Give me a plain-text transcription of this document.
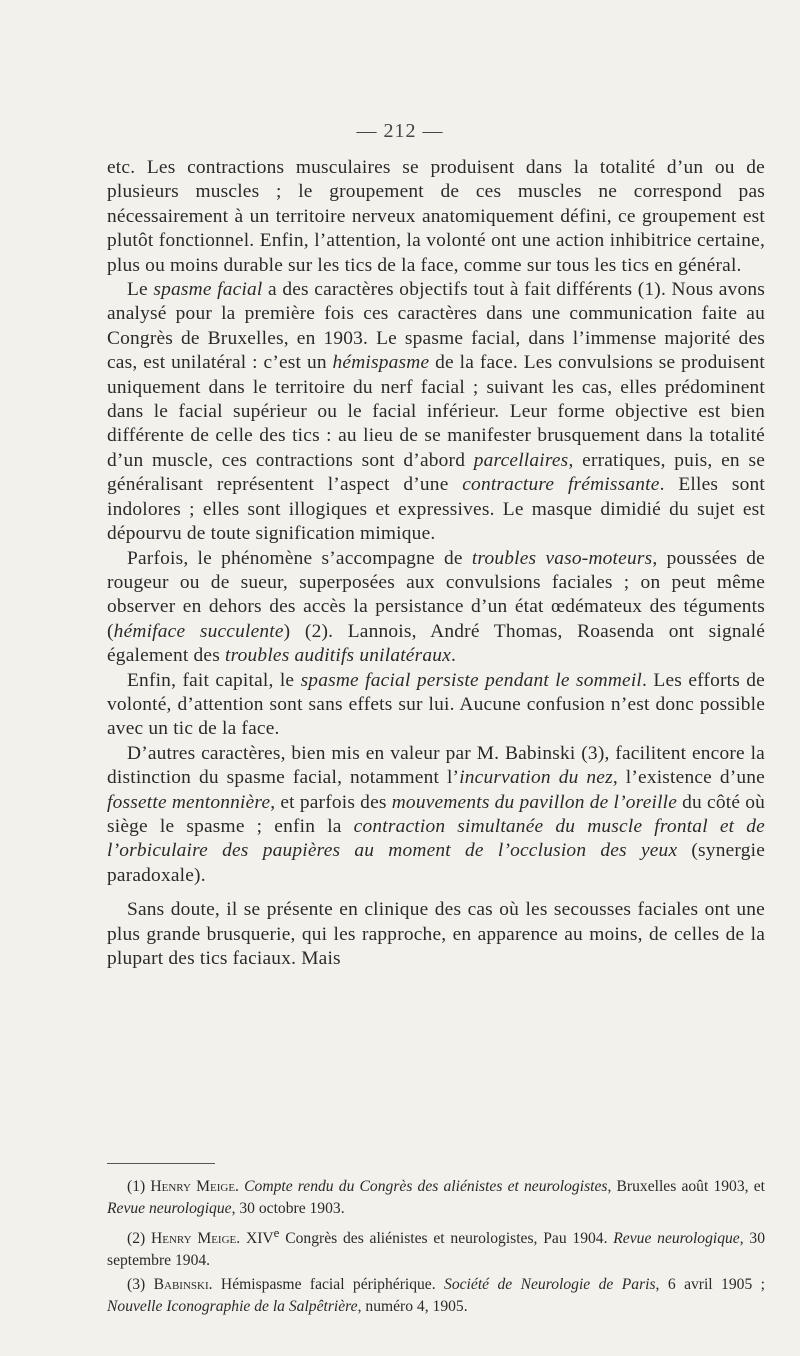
— 212 —

etc. Les contractions musculaires se produisent dans la totalité d’un ou de plusieurs muscles ; le groupement de ces muscles ne correspond pas nécessairement à un territoire nerveux anatomiquement défini, ce groupement est plutôt fonctionnel. Enfin, l’attention, la volonté ont une action inhibitrice certaine, plus ou moins durable sur les tics de la face, comme sur tous les tics en général.

Le spasme facial a des caractères objectifs tout à fait différents (1). Nous avons analysé pour la première fois ces caractères dans une communication faite au Congrès de Bruxelles, en 1903. Le spasme facial, dans l’immense majorité des cas, est unilatéral : c’est un hémispasme de la face. Les convulsions se produisent uniquement dans le territoire du nerf facial ; suivant les cas, elles prédominent dans le facial supérieur ou le facial inférieur. Leur forme objective est bien différente de celle des tics : au lieu de se manifester brusquement dans la totalité d’un muscle, ces contractions sont d’abord parcellaires, erratiques, puis, en se généralisant représentent l’aspect d’une contracture frémissante. Elles sont indolores ; elles sont illogiques et expressives. Le masque dimidié du sujet est dépourvu de toute signification mimique.

Parfois, le phénomène s’accompagne de troubles vaso-moteurs, poussées de rougeur ou de sueur, superposées aux convulsions faciales ; on peut même observer en dehors des accès la persistance d’un état œdémateux des téguments (hémiface succulente) (2). Lannois, André Thomas, Roasenda ont signalé également des troubles auditifs unilatéraux.

Enfin, fait capital, le spasme facial persiste pendant le sommeil. Les efforts de volonté, d’attention sont sans effets sur lui. Aucune confusion n’est donc possible avec un tic de la face.

D’autres caractères, bien mis en valeur par M. Babinski (3), facilitent encore la distinction du spasme facial, notamment l’incurvation du nez, l’existence d’une fossette mentonnière, et parfois des mouvements du pavillon de l’oreille du côté où siège le spasme ; enfin la contraction simultanée du muscle frontal et de l’orbiculaire des paupières au moment de l’occlusion des yeux (synergie paradoxale).

Sans doute, il se présente en clinique des cas où les secousses faciales ont une plus grande brusquerie, qui les rapproche, en apparence au moins, de celles de la plupart des tics faciaux. Mais

(1) Henry Meige. Compte rendu du Congrès des aliénistes et neurologistes, Bruxelles août 1903, et Revue neurologique, 30 octobre 1903.

(2) Henry Meige. XIVe Congrès des aliénistes et neurologistes, Pau 1904. Revue neurologique, 30 septembre 1904.

(3) Babinski. Hémispasme facial périphérique. Société de Neurologie de Paris, 6 avril 1905 ; Nouvelle Iconographie de la Salpêtrière, numéro 4, 1905.
